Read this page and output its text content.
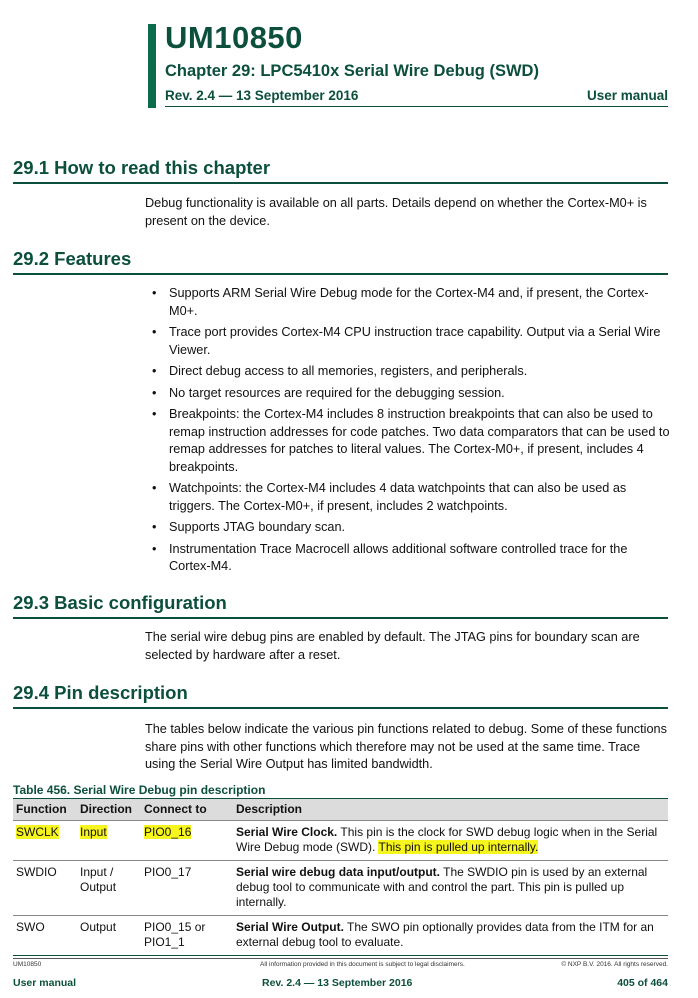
UM10850
Chapter 29: LPC5410x Serial Wire Debug (SWD)
Rev. 2.4 — 13 September 2016	User manual
29.1 How to read this chapter
Debug functionality is available on all parts. Details depend on whether the Cortex-M0+ is present on the device.
29.2 Features
• Supports ARM Serial Wire Debug mode for the Cortex-M4 and, if present, the Cortex-M0+.
• Trace port provides Cortex-M4 CPU instruction trace capability. Output via a Serial Wire Viewer.
• Direct debug access to all memories, registers, and peripherals.
• No target resources are required for the debugging session.
• Breakpoints: the Cortex-M4 includes 8 instruction breakpoints that can also be used to remap instruction addresses for code patches. Two data comparators that can be used to remap addresses for patches to literal values. The Cortex-M0+, if present, includes 4 breakpoints.
• Watchpoints: the Cortex-M4 includes 4 data watchpoints that can also be used as triggers. The Cortex-M0+, if present, includes 2 watchpoints.
• Supports JTAG boundary scan.
• Instrumentation Trace Macrocell allows additional software controlled trace for the Cortex-M4.
29.3 Basic configuration
The serial wire debug pins are enabled by default. The JTAG pins for boundary scan are selected by hardware after a reset.
29.4 Pin description
The tables below indicate the various pin functions related to debug. Some of these functions share pins with other functions which therefore may not be used at the same time. Trace using the Serial Wire Output has limited bandwidth.
Table 456. Serial Wire Debug pin description
Function	Direction	Connect to	Description
SWCLK	Input	PIO0_16	Serial Wire Clock. This pin is the clock for SWD debug logic when in the Serial Wire Debug mode (SWD). This pin is pulled up internally.
SWDIO	Input / Output	PIO0_17	Serial wire debug data input/output. The SWDIO pin is used by an external debug tool to communicate with and control the part. This pin is pulled up internally.
SWO	Output	PIO0_15 or PIO1_1	Serial Wire Output. The SWO pin optionally provides data from the ITM for an external debug tool to evaluate.
UM10850	All information provided in this document is subject to legal disclaimers.	© NXP B.V. 2016. All rights reserved.
User manual	Rev. 2.4 — 13 September 2016	405 of 464
